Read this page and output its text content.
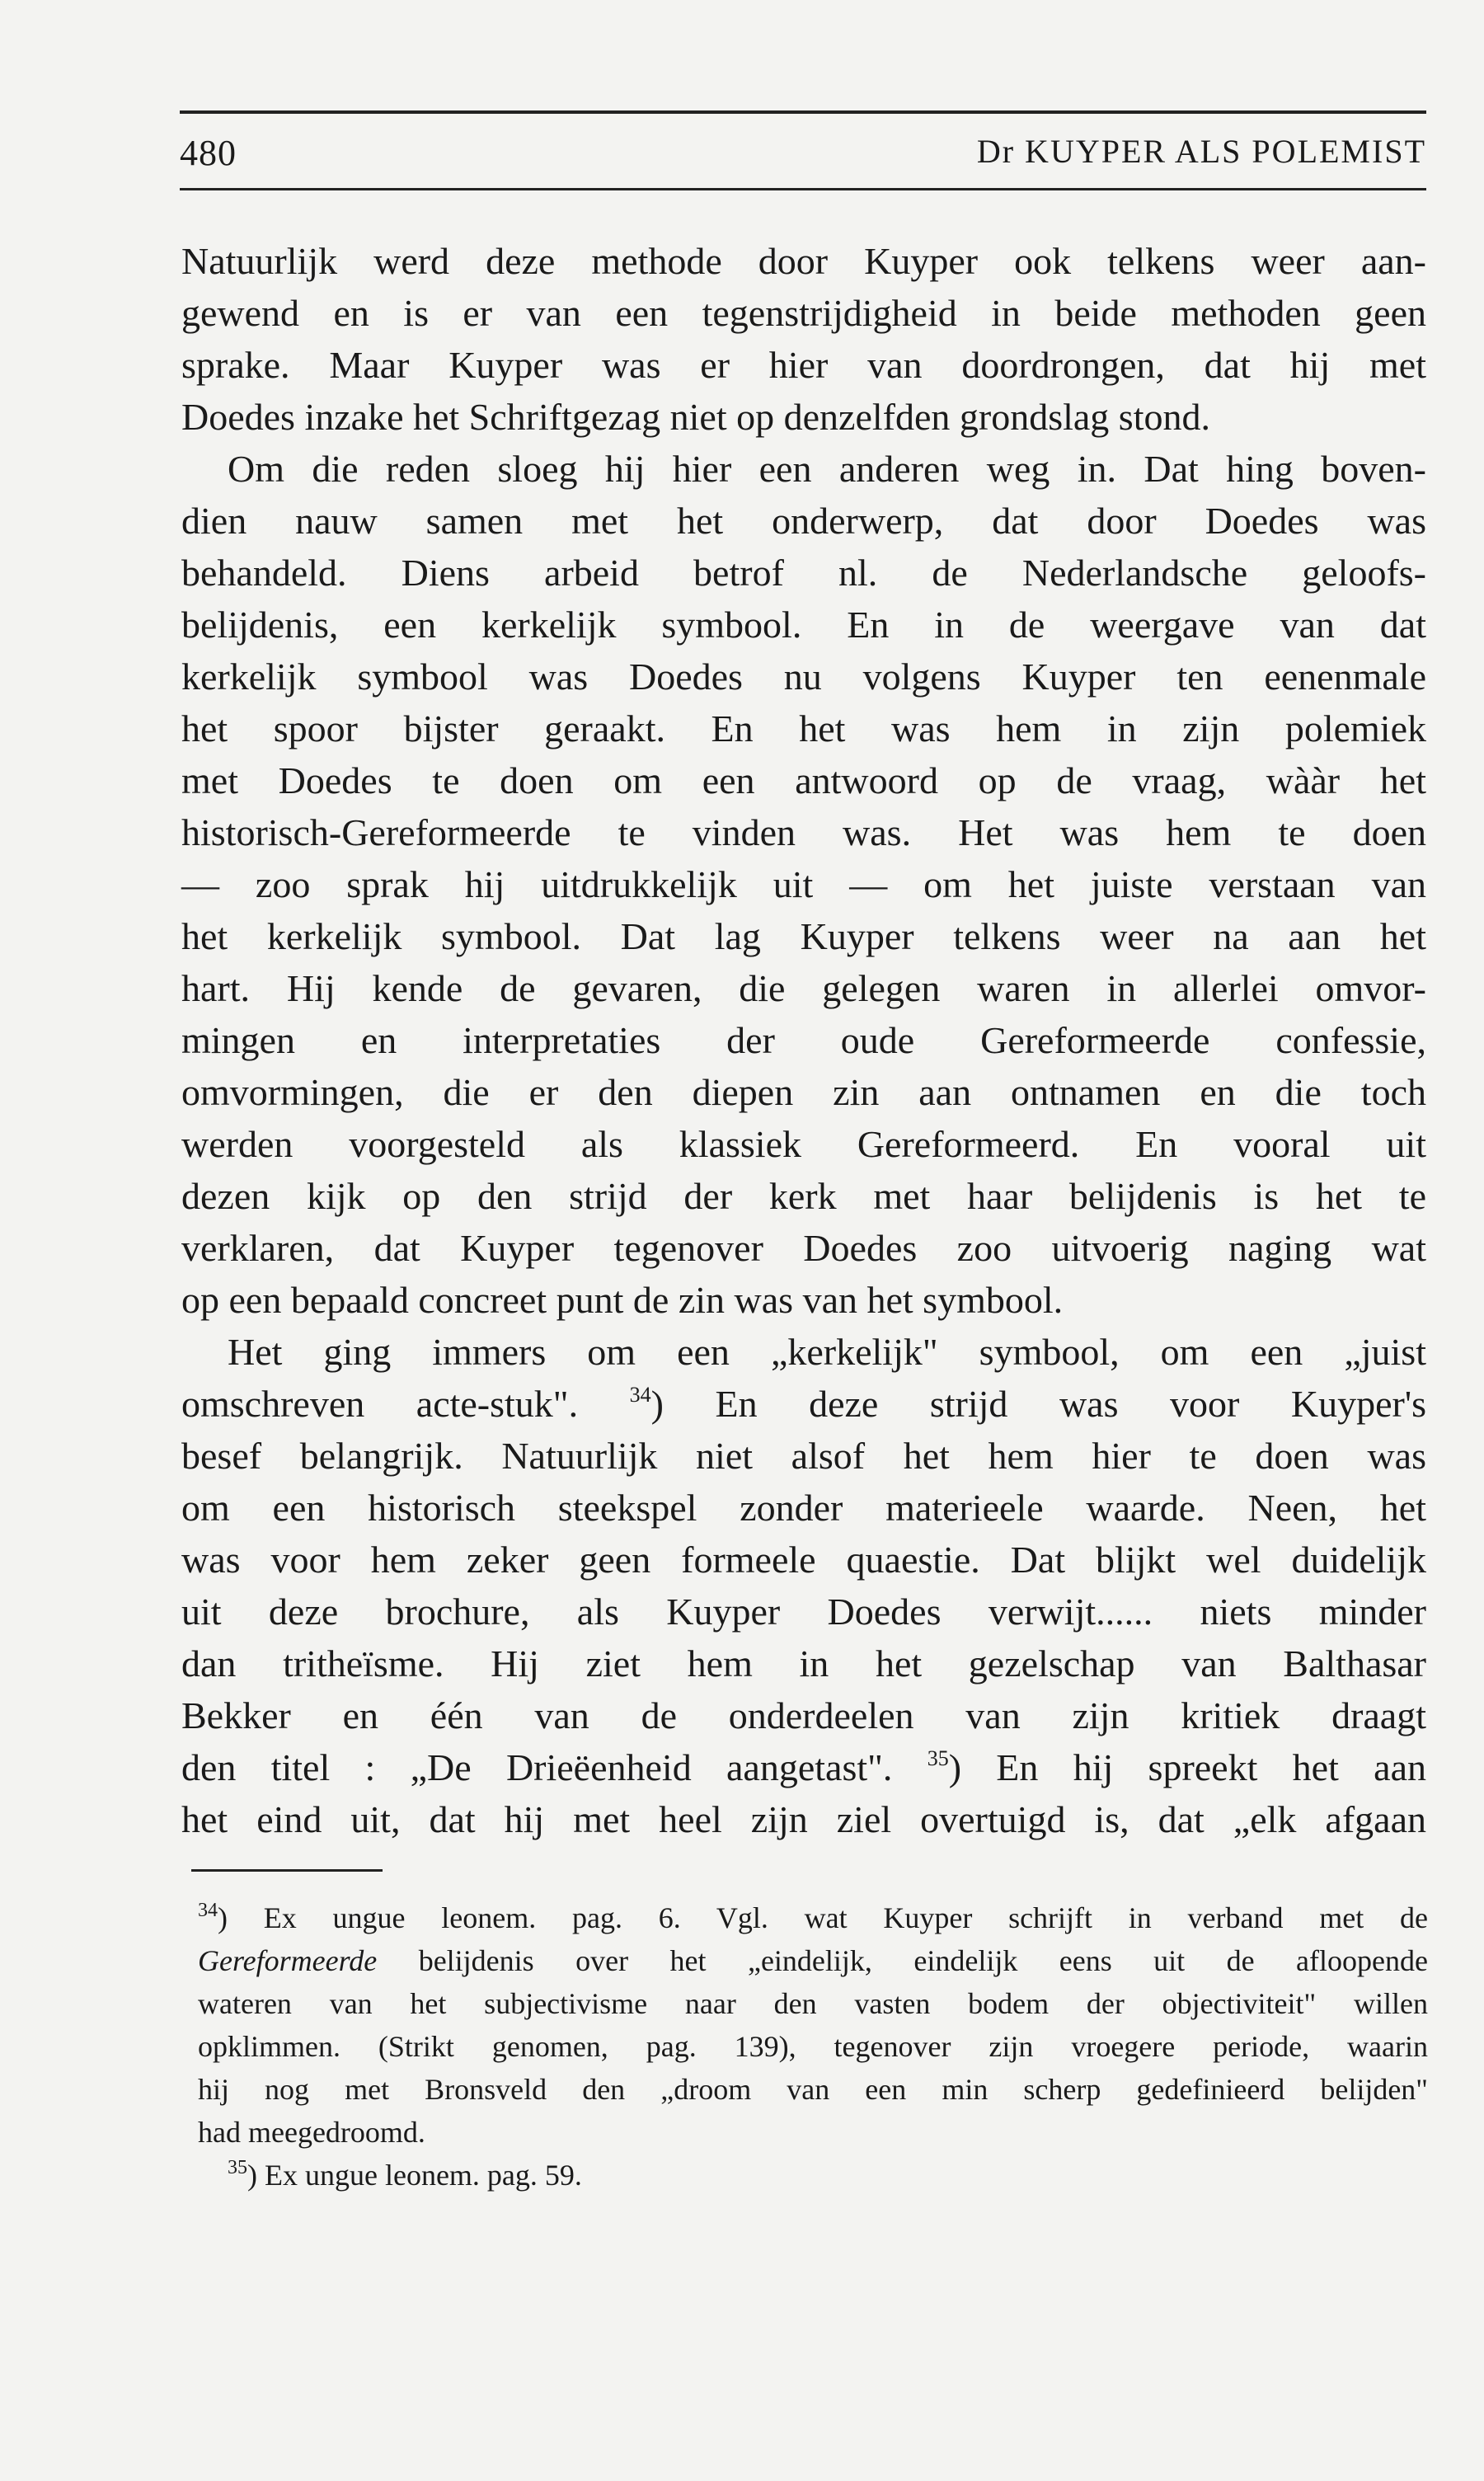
480	Dr KUYPER ALS POLEMIST
Natuurlijk werd deze methode door Kuyper ook telkens weer aan-
gewend en is er van een tegenstrijdigheid in beide methoden geen
sprake. Maar Kuyper was er hier van doordrongen, dat hij met
Doedes inzake het Schriftgezag niet op denzelfden grondslag stond.
Om die reden sloeg hij hier een anderen weg in. Dat hing boven-
dien nauw samen met het onderwerp, dat door Doedes was
behandeld. Diens arbeid betrof nl. de Nederlandsche geloofs-
belijdenis, een kerkelijk symbool. En in de weergave van dat
kerkelijk symbool was Doedes nu volgens Kuyper ten eenenmale
het spoor bijster geraakt. En het was hem in zijn polemiek
met Doedes te doen om een antwoord op de vraag, wààr het
historisch-Gereformeerde te vinden was. Het was hem te doen
— zoo sprak hij uitdrukkelijk uit — om het juiste verstaan van
het kerkelijk symbool. Dat lag Kuyper telkens weer na aan het
hart. Hij kende de gevaren, die gelegen waren in allerlei omvor-
mingen en interpretaties der oude Gereformeerde confessie,
omvormingen, die er den diepen zin aan ontnamen en die toch
werden voorgesteld als klassiek Gereformeerd. En vooral uit
dezen kijk op den strijd der kerk met haar belijdenis is het te
verklaren, dat Kuyper tegenover Doedes zoo uitvoerig naging wat
op een bepaald concreet punt de zin was van het symbool.
Het ging immers om een „kerkelijk" symbool, om een „juist
omschreven acte-stuk". $^{34}$) En deze strijd was voor Kuyper's
besef belangrijk. Natuurlijk niet alsof het hem hier te doen was
om een historisch steekspel zonder materieele waarde. Neen, het
was voor hem zeker geen formeele quaestie. Dat blijkt wel duidelijk
uit deze brochure, als Kuyper Doedes verwijt...... niets minder
dan tritheïsme. Hij ziet hem in het gezelschap van Balthasar
Bekker en één van de onderdeelen van zijn kritiek draagt
den titel : „De Drieëenheid aangetast". $^{35}$) En hij spreekt het aan
het eind uit, dat hij met heel zijn ziel overtuigd is, dat „elk afgaan
$^{34}$) Ex ungue leonem. pag. 6. Vgl. wat Kuyper schrijft in verband met de
Gereformeerde belijdenis over het „eindelijk, eindelijk eens uit de afloopende
wateren van het subjectivisme naar den vasten bodem der objectiviteit" willen
opklimmen. (Strikt genomen, pag. 139), tegenover zijn vroegere periode, waarin
hij nog met Bronsveld den „droom van een min scherp gedefinieerd belijden"
had meegedroomd.
$^{35}$) Ex ungue leonem. pag. 59.
